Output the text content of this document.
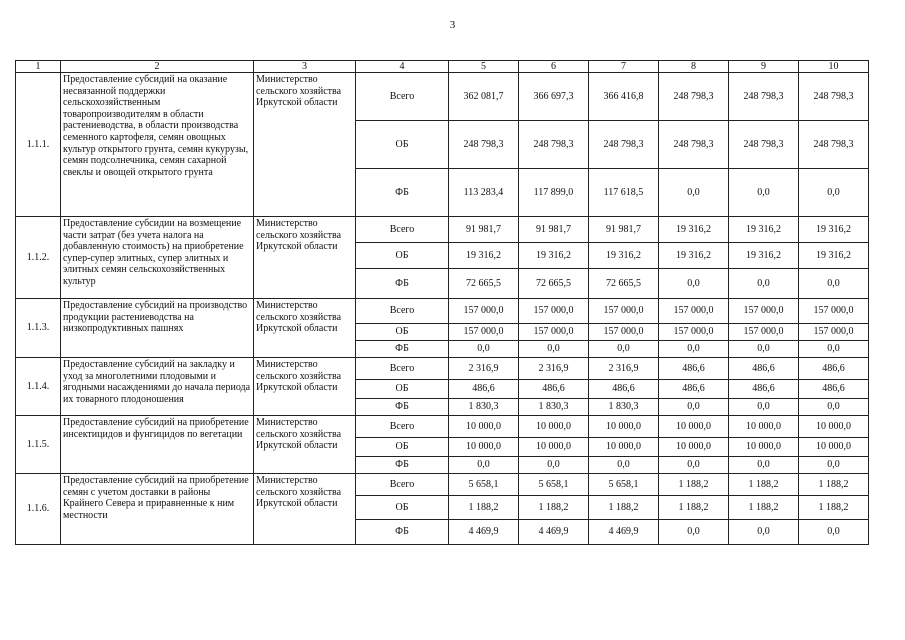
3
1	2	3	4	5	6	7	8	9	10
1.1.1.	Предоставление субсидий на оказание несвязанной поддержки сельскохозяйственным товаропроизводителям в области растениеводства, в области производства семенного картофеля, семян овощных культур открытого грунта, семян кукурузы, семян подсолнечника, семян сахарной свеклы и овощей открытого грунта	Министерство сельского хозяйства Иркутской области	Всего	362 081,7	366 697,3	366 416,8	248 798,3	248 798,3	248 798,3
			ОБ	248 798,3	248 798,3	248 798,3	248 798,3	248 798,3	248 798,3
			ФБ	113 283,4	117 899,0	117 618,5	0,0	0,0	0,0
1.1.2.	Предоставление субсидии на возмещение части затрат (без учета налога на добавленную стоимость) на приобретение супер-супер элитных, супер элитных и элитных семян сельскохозяйственных культур	Министерство сельского хозяйства Иркутской области	Всего	91 981,7	91 981,7	91 981,7	19 316,2	19 316,2	19 316,2
			ОБ	19 316,2	19 316,2	19 316,2	19 316,2	19 316,2	19 316,2
			ФБ	72 665,5	72 665,5	72 665,5	0,0	0,0	0,0
1.1.3.	Предоставление субсидий на производство продукции растениеводства на низкопродуктивных пашнях	Министерство сельского хозяйства Иркутской области	Всего	157 000,0	157 000,0	157 000,0	157 000,0	157 000,0	157 000,0
			ОБ	157 000,0	157 000,0	157 000,0	157 000,0	157 000,0	157 000,0
			ФБ	0,0	0,0	0,0	0,0	0,0	0,0
1.1.4.	Предоставление субсидий на закладку и уход за многолетними плодовыми и ягодными насаждениями до начала периода их товарного плодоношения	Министерство сельского хозяйства Иркутской области	Всего	2 316,9	2 316,9	2 316,9	486,6	486,6	486,6
			ОБ	486,6	486,6	486,6	486,6	486,6	486,6
			ФБ	1 830,3	1 830,3	1 830,3	0,0	0,0	0,0
1.1.5.	Предоставление субсидий на приобретение инсектицидов и фунгицидов по вегетации	Министерство сельского хозяйства Иркутской области	Всего	10 000,0	10 000,0	10 000,0	10 000,0	10 000,0	10 000,0
			ОБ	10 000,0	10 000,0	10 000,0	10 000,0	10 000,0	10 000,0
			ФБ	0,0	0,0	0,0	0,0	0,0	0,0
1.1.6.	Предоставление субсидий на приобретение семян с учетом доставки в районы Крайнего Севера и приравненные к ним местности	Министерство сельского хозяйства Иркутской области	Всего	5 658,1	5 658,1	5 658,1	1 188,2	1 188,2	1 188,2
			ОБ	1 188,2	1 188,2	1 188,2	1 188,2	1 188,2	1 188,2
			ФБ	4 469,9	4 469,9	4 469,9	0,0	0,0	0,0
